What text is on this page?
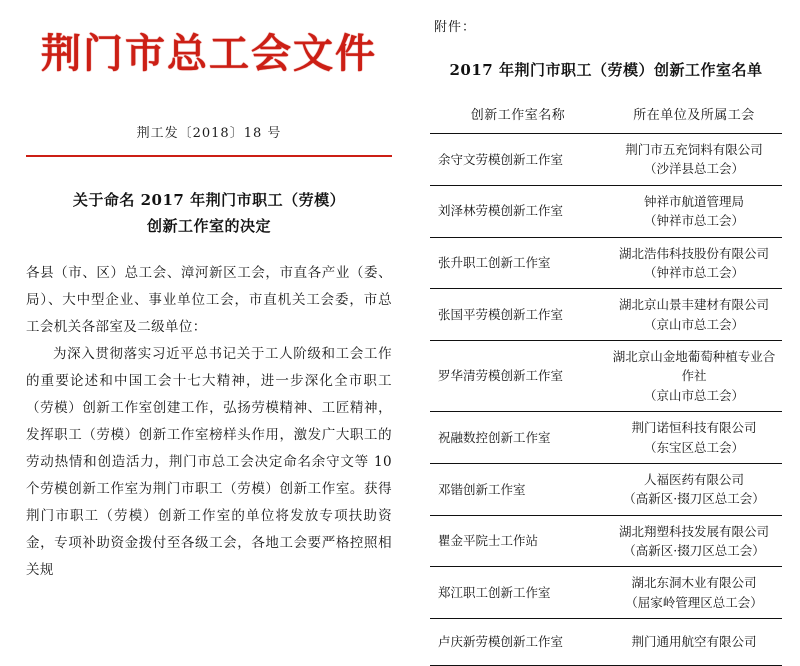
荆门市总工会文件
荆工发〔2018〕18 号
关于命名 2017 年荆门市职工（劳模）
创新工作室的决定

各县（市、区）总工会、漳河新区工会，市直各产业（委、局）、大中型企业、事业单位工会，市直机关工会委，市总工会机关各部室及二级单位：

为深入贯彻落实习近平总书记关于工人阶级和工会工作的重要论述和中国工会十七大精神，进一步深化全市职工（劳模）创新工作室创建工作，弘扬劳模精神、工匠精神，发挥职工（劳模）创新工作室榜样头作用，激发广大职工的劳动热情和创造活力，荆门市总工会决定命名余守文等 10 个劳模创新工作室为荆门市职工（劳模）创新工作室。获得荆门市职工（劳模）创新工作室的单位将发放专项扶助资金，专项补助资金拨付至各级工会，各地工会要严格控照相关规

附件：
2017 年荆门市职工（劳模）创新工作室名单
创新工作室名称	所在单位及所属工会
余守文劳模创新工作室	荆门市五充饲料有限公司
（沙洋县总工会）

刘泽林劳模创新工作室	钟祥市航道管理局
（钟祥市总工会）

张升职工创新工作室	湖北浩伟科技股份有限公司
（钟祥市总工会）

张国平劳模创新工作室	湖北京山景丰建材有限公司
（京山市总工会）

罗华清劳模创新工作室	湖北京山金地葡萄种植专业合作社
（京山市总工会）

祝融数控创新工作室	荆门诺恒科技有限公司
（东宝区总工会）

邓锴创新工作室	人福医药有限公司
（高新区·掇刀区总工会）

瞿金平院士工作站	湖北翔塑科技发展有限公司
（高新区·掇刀区总工会）

郑江职工创新工作室	湖北东洞木业有限公司
（屈家岭管理区总工会）

卢庆新劳模创新工作室	荆门通用航空有限公司
